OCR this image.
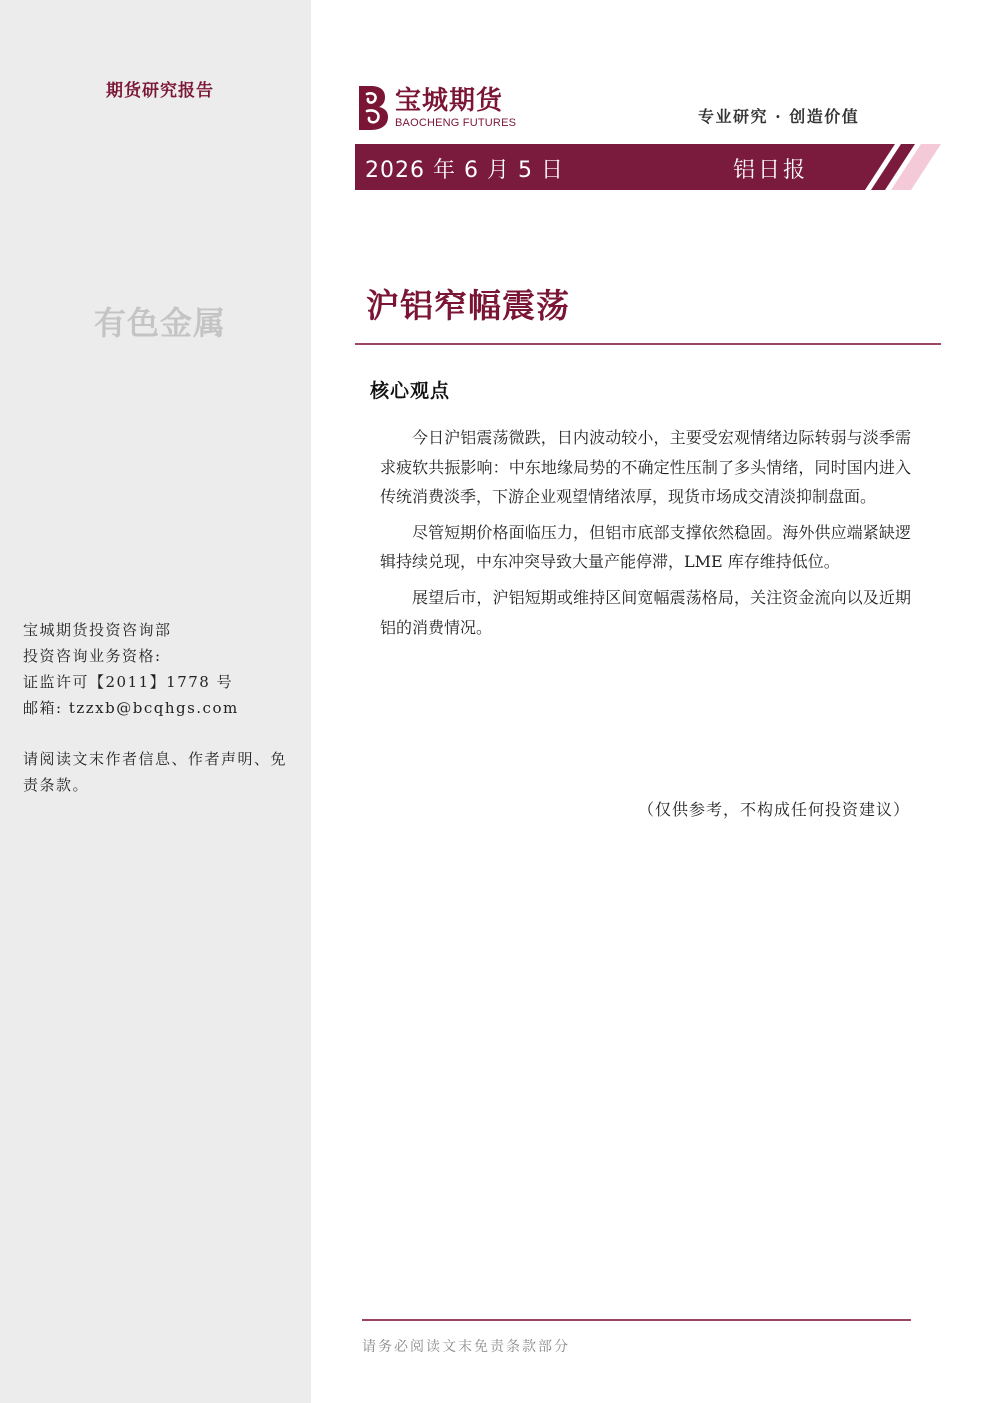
期货研究报告
有色金属
宝城期货投资咨询部
投资咨询业务资格:
证监许可【2011】1778 号
邮箱: tzzxb@bcqhgs.com
请阅读文末作者信息、作者声明、免责条款。
宝城期货
BAOCHENG FUTURES	专业研究 · 创造价值
2026 年 6 月 5 日	铝日报
沪铝窄幅震荡
核心观点

今日沪铝震荡微跌，日内波动较小，主要受宏观情绪边际转弱与淡季需求疲软共振影响：中东地缘局势的不确定性压制了多头情绪，同时国内进入传统消费淡季，下游企业观望情绪浓厚，现货市场成交清淡抑制盘面。

尽管短期价格面临压力，但铝市底部支撑依然稳固。海外供应端紧缺逻辑持续兑现，中东冲突导致大量产能停滞，LME 库存维持低位。

展望后市，沪铝短期或维持区间宽幅震荡格局，关注资金流向以及近期铝的消费情况。

（仅供参考，不构成任何投资建议）
请务必阅读文末免责条款部分
